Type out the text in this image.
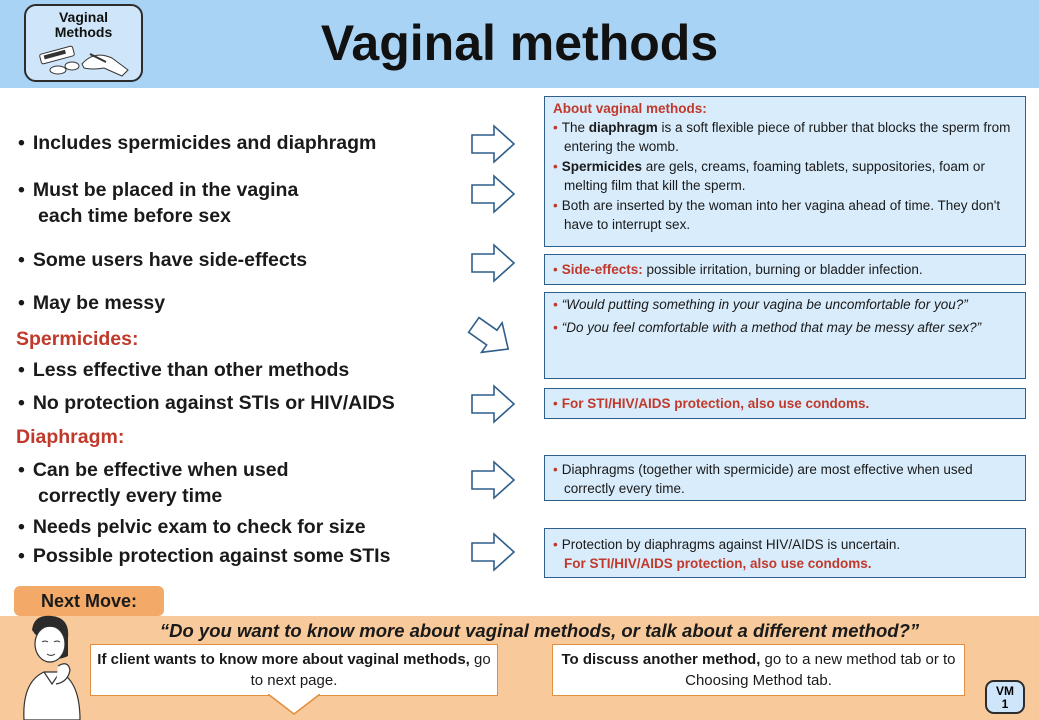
Vaginal
Methods	Vaginal methods
• Includes spermicides and diaphragm
• Must be placed in the vagina
each time before sex
• Some users have side-effects
• May be messy
Spermicides:
• Less effective than other methods
• No protection against STIs or HIV/AIDS
Diaphragm:
• Can be effective when used
correctly every time
• Needs pelvic exam to check for size
• Possible protection against some STIs
About vaginal methods:
• The diaphragm is a soft flexible piece of rubber that blocks the sperm from entering the womb.
• Spermicides are gels, creams, foaming tablets, suppositories, foam or melting film that kill the sperm.
• Both are inserted by the woman into her vagina ahead of time. They don't have to interrupt sex.
• Side-effects: possible irritation, burning or bladder infection.
• “Would putting something in your vagina be uncomfortable for you?”
• “Do you feel comfortable with a method that may be messy after sex?”
• For STI/HIV/AIDS protection, also use condoms.
• Diaphragms (together with spermicide) are most effective when used correctly every time.
• Protection by diaphragms against HIV/AIDS is uncertain.
For STI/HIV/AIDS protection, also use condoms.
Next Move:
“Do you want to know more about vaginal methods, or talk about a different method?”
If client wants to know more about vaginal methods, go to next page.
To discuss another method, go to a new method tab or to Choosing Method tab.
VM
1
